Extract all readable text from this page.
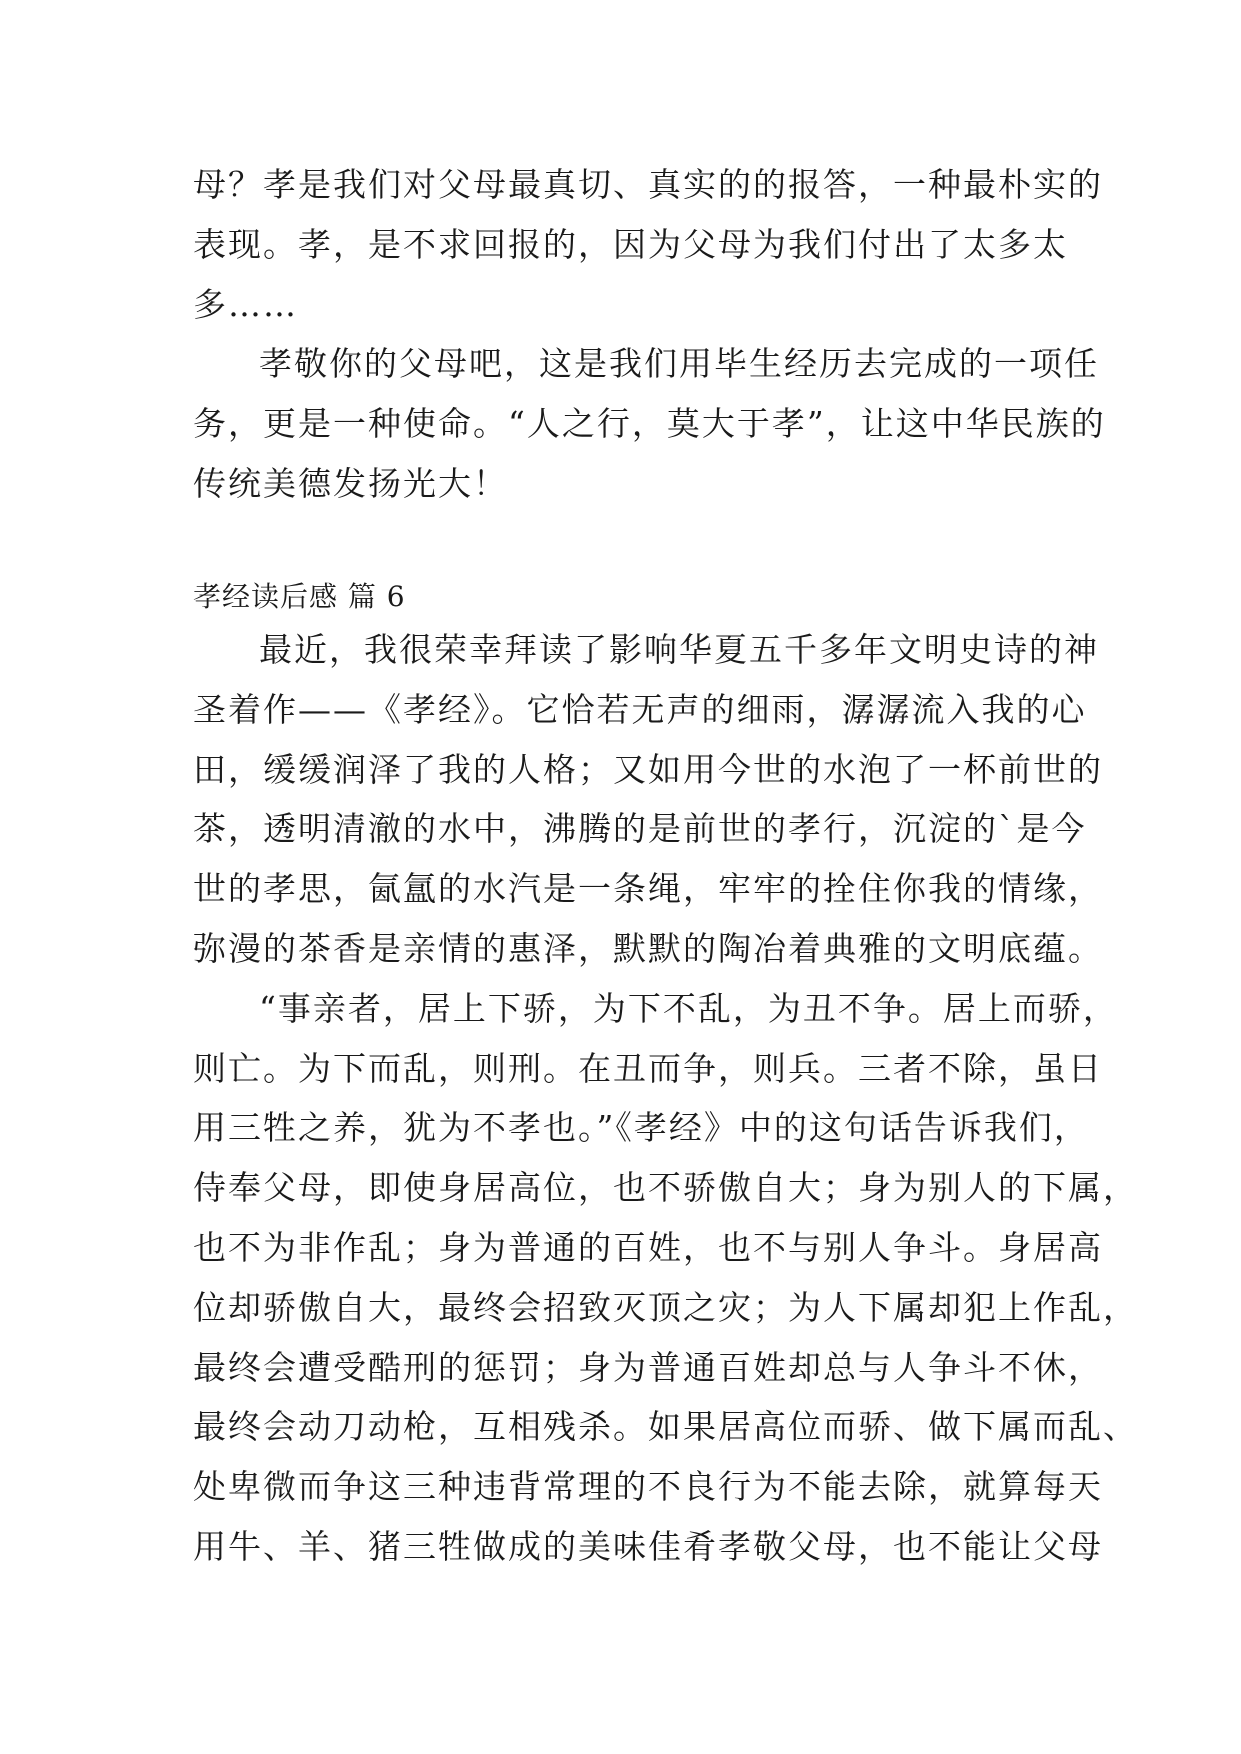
母？孝是我们对父母最真切、真实的的报答，一种最朴实的
表现。孝，是不求回报的，因为父母为我们付出了太多太
多……
孝敬你的父母吧，这是我们用毕生经历去完成的一项任
务，更是一种使命。“人之行，莫大于孝”，让这中华民族的
传统美德发扬光大！
孝经读后感 篇 6
最近，我很荣幸拜读了影响华夏五千多年文明史诗的神
圣着作——《孝经》。它恰若无声的细雨，潺潺流入我的心
田，缓缓润泽了我的人格；又如用今世的水泡了一杯前世的
茶，透明清澈的水中，沸腾的是前世的孝行，沉淀的`是今
世的孝思，氤氲的水汽是一条绳，牢牢的拴住你我的情缘，
弥漫的茶香是亲情的惠泽，默默的陶冶着典雅的文明底蕴。
“事亲者，居上下骄，为下不乱，为丑不争。居上而骄，
则亡。为下而乱，则刑。在丑而争，则兵。三者不除，虽日
用三牲之养，犹为不孝也。”《孝经》中的这句话告诉我们，
侍奉父母，即使身居高位，也不骄傲自大；身为别人的下属，
也不为非作乱；身为普通的百姓，也不与别人争斗。身居高
位却骄傲自大，最终会招致灭顶之灾；为人下属却犯上作乱，
最终会遭受酷刑的惩罚；身为普通百姓却总与人争斗不休，
最终会动刀动枪，互相残杀。如果居高位而骄、做下属而乱、
处卑微而争这三种违背常理的不良行为不能去除，就算每天
用牛、羊、猪三牲做成的美味佳肴孝敬父母，也不能让父母
